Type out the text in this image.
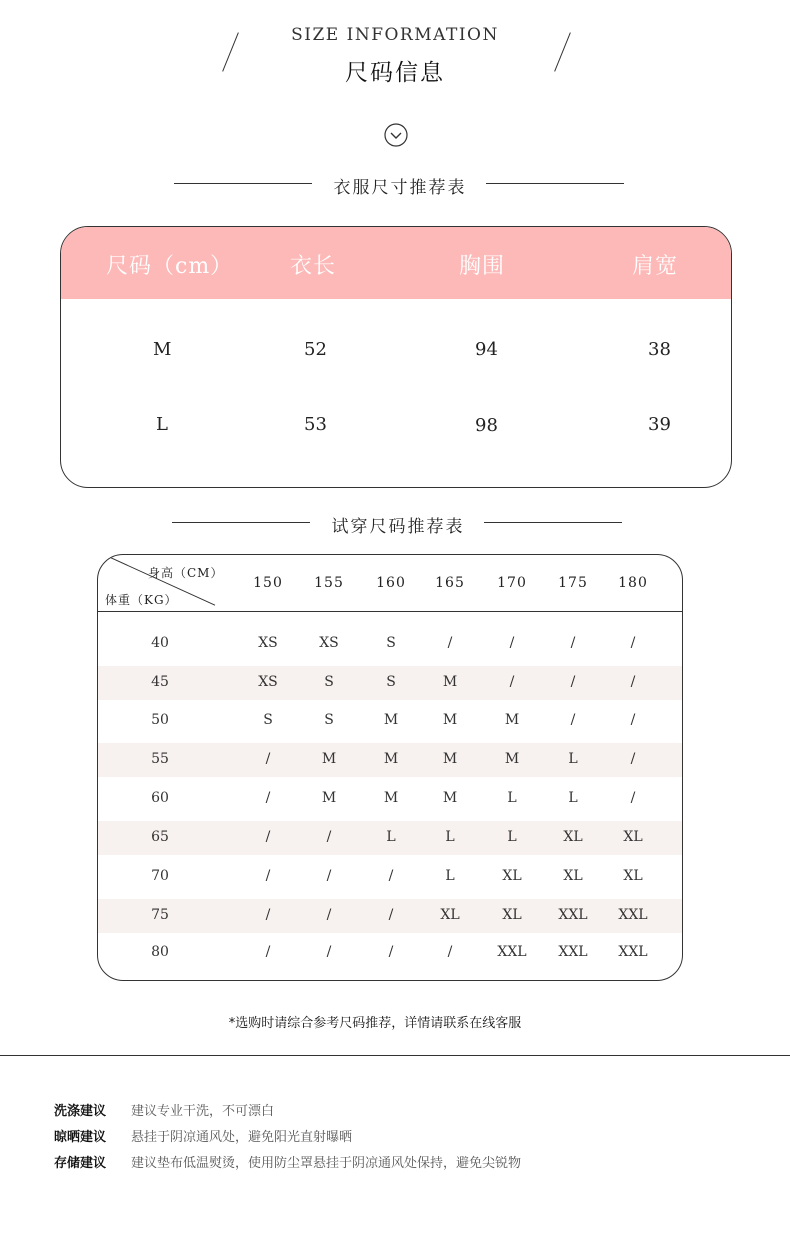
SIZE INFORMATION
尺码信息
衣服尺寸推荐表
尺码（cm）	衣长	胸围	肩宽
M	52	94	38
L	53	98	39
试穿尺码推荐表
身高（CM）
体重（KG）
150	155	160	165	170	175	180
40	XS	XS	S	/	/	/	/
45	XS	S	S	M	/	/	/
50	S	S	M	M	M	/	/
55	/	M	M	M	M	L	/
60	/	M	M	M	L	L	/
65	/	/	L	L	L	XL	XL
70	/	/	/	L	XL	XL	XL
75	/	/	/	XL	XL	XXL	XXL
80	/	/	/	/	XXL	XXL	XXL
*选购时请综合参考尺码推荐，详情请联系在线客服
洗涤建议 建议专业干洗，不可漂白
晾晒建议 悬挂于阴凉通风处，避免阳光直射曝晒
存储建议 建议垫布低温熨烫，使用防尘罩悬挂于阴凉通风处保持，避免尖锐物
